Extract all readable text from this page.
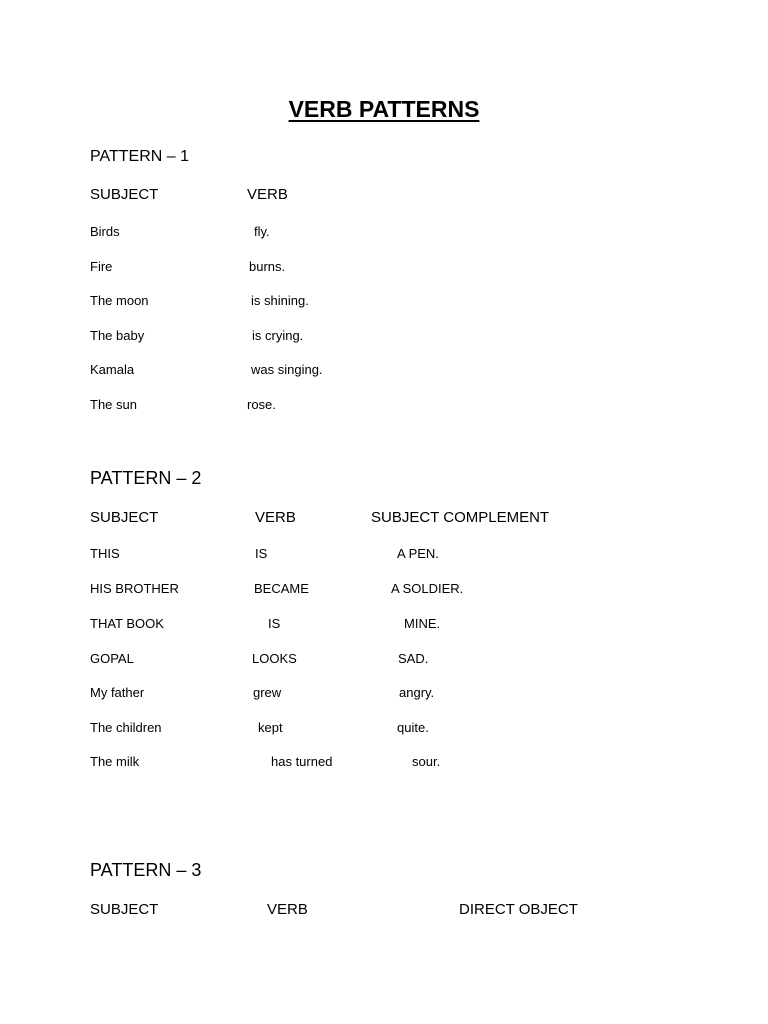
VERB PATTERNS

PATTERN – 1

SUBJECT	VERB
Birds	fly.
Fire	burns.
The moon	is shining.
The baby	is crying.
Kamala	was singing.
The sun	rose.

PATTERN – 2

SUBJECT	VERB	SUBJECT COMPLEMENT
THIS	IS	A PEN.
HIS BROTHER	BECAME	A SOLDIER.
THAT BOOK	IS	MINE.
GOPAL	LOOKS	SAD.
My father	grew	angry.
The children	kept	quite.
The milk	has turned	sour.

PATTERN – 3

SUBJECT	VERB	DIRECT OBJECT
